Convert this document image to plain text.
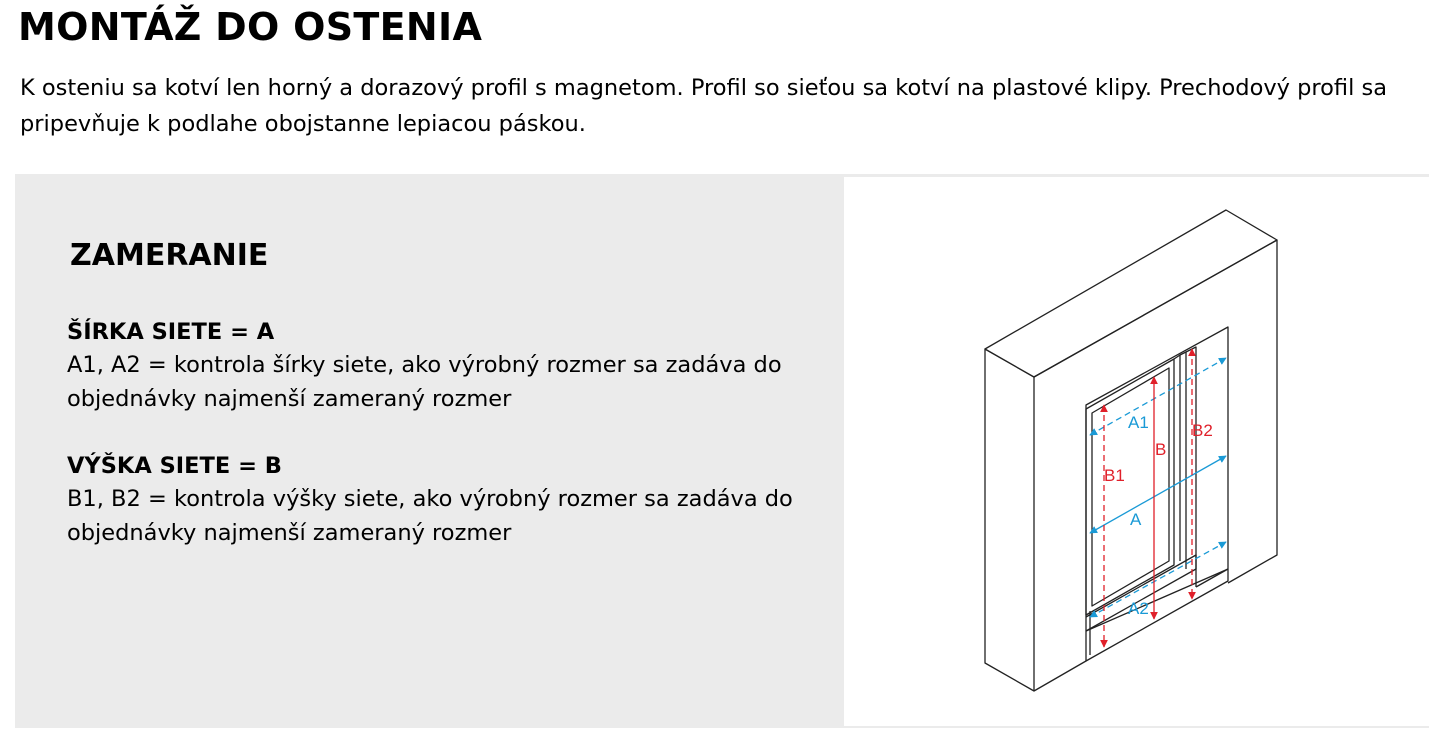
MONTÁŽ DO OSTENIA

K osteniu sa kotví len horný a dorazový profil s magnetom. Profil so sieťou sa kotví na plastové klipy. Prechodový profil sa pripevňuje k podlahe obojstanne lepiacou páskou.

A1
A
A2
B
B1
B2
ZAMERANIE
ŠÍRKA SIETE = A

A1, A2 = kontrola šírky siete, ako výrobný rozmer sa zadáva do objednávky najmenší zameraný rozmer

VÝŠKA SIETE = B

B1, B2 = kontrola výšky siete, ako výrobný rozmer sa zadáva do objednávky najmenší zameraný rozmer
